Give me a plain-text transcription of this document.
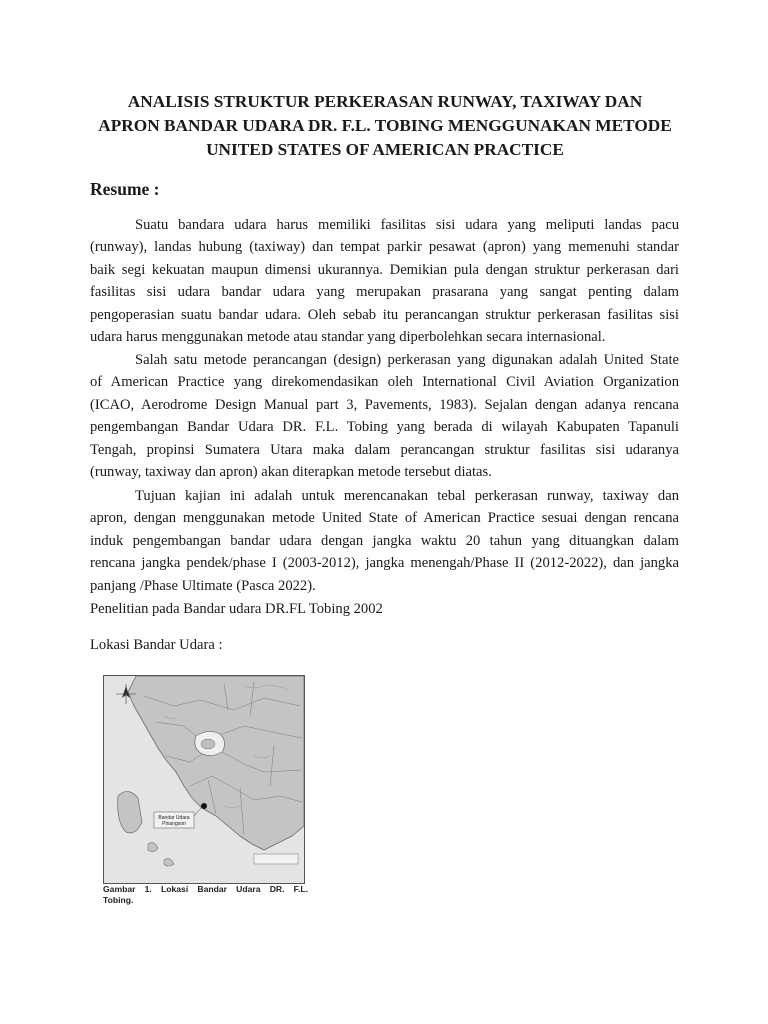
ANALISIS STRUKTUR PERKERASAN RUNWAY, TAXIWAY DAN
APRON BANDAR UDARA DR. F.L. TOBING MENGGUNAKAN METODE
UNITED STATES OF AMERICAN PRACTICE
Resume :

Suatu bandara udara harus memiliki fasilitas sisi udara yang meliputi landas pacu
(runway), landas hubung (taxiway) dan tempat parkir pesawat (apron) yang memenuhi standar
baik segi kekuatan maupun dimensi ukurannya. Demikian pula dengan struktur perkerasan dari
fasilitas sisi udara bandar udara yang merupakan prasarana yang sangat penting dalam
pengoperasian suatu bandar udara. Oleh sebab itu perancangan struktur perkerasan fasilitas sisi
udara harus menggunakan metode atau standar yang diperbolehkan secara internasional.

Salah satu metode perancangan (design) perkerasan yang digunakan adalah United State
of American Practice yang direkomendasikan oleh International Civil Aviation Organization
(ICAO, Aerodrome Design Manual part 3, Pavements, 1983). Sejalan dengan adanya rencana
pengembangan Bandar Udara DR. F.L. Tobing yang berada di wilayah Kabupaten Tapanuli
Tengah, propinsi Sumatera Utara maka dalam perancangan struktur fasilitas sisi udaranya
(runway, taxiway dan apron) akan diterapkan metode tersebut diatas.

Tujuan kajian ini adalah untuk merencanakan tebal perkerasan runway, taxiway dan
apron, dengan menggunakan metode United State of American Practice sesuai dengan rencana
induk pengembangan bandar udara dengan jangka waktu 20 tahun yang dituangkan dalam
rencana jangka pendek/phase I (2003-2012), jangka menengah/Phase II (2012-2022), dan jangka
panjang /Phase Ultimate (Pasca 2022).

Penelitian pada Bandar udara DR.FL Tobing 2002

Lokasi Bandar Udara :

Bandar Udara
Pinangsori

Gambar 1. Lokasi Bandar Udara DR. F.L.
Tobing.
